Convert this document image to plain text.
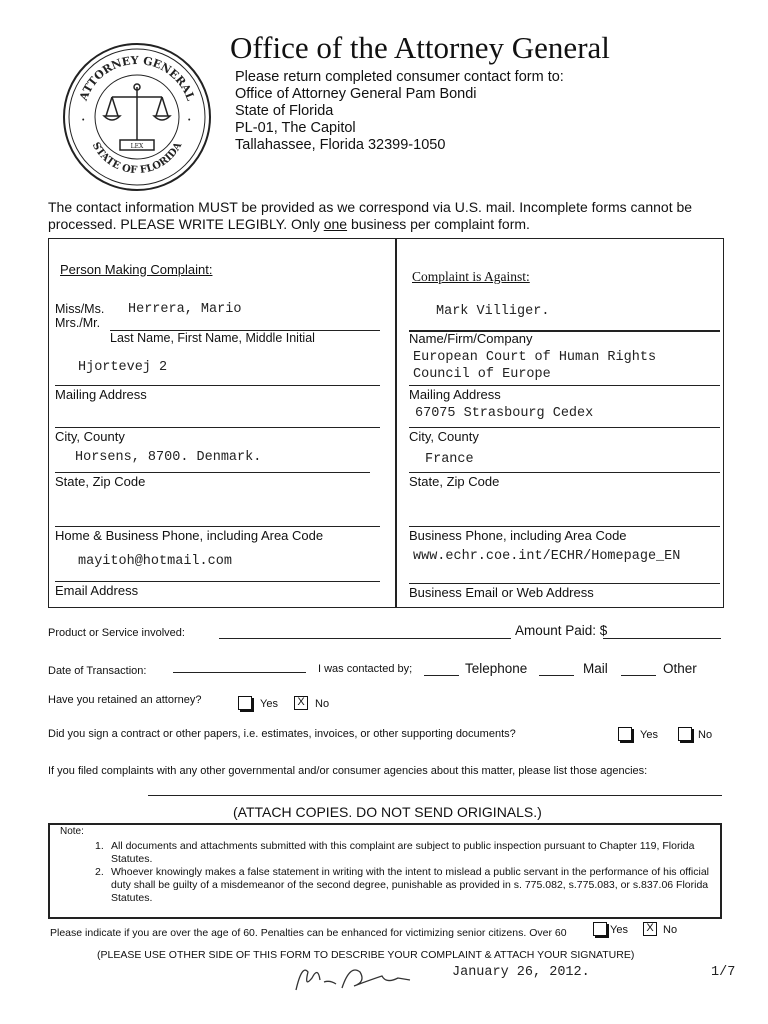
ATTORNEY GENERAL
STATE OF FLORIDA
LEX
•	•
Office of the Attorney General
Please return completed consumer contact form to:
Office of Attorney General Pam Bondi
State of Florida
PL-01, The Capitol
Tallahassee, Florida 32399-1050
The contact information MUST be provided as we correspond via U.S. mail. Incomplete forms cannot be processed. PLEASE WRITE LEGIBLY. Only one business per complaint form.
Person Making Complaint:
Miss/Ms.
Mrs./Mr.
Herrera, Mario
Last Name, First Name, Middle Initial
Hjortevej 2
Mailing Address
City, County
Horsens, 8700. Denmark.
State, Zip Code
Home & Business Phone, including Area Code
mayitoh@hotmail.com
Email Address
Complaint is Against:
Mark Villiger.
Name/Firm/Company
European Court of Human Rights
Council of Europe
Mailing Address
67075 Strasbourg Cedex
City, County
France
State, Zip Code
Business Phone, including Area Code
www.echr.coe.int/ECHR/Homepage_EN
Business Email or Web Address
Product or Service involved:	Amount Paid: $
Date of Transaction:	I was contacted by;	Telephone	Mail	Other
Have you retained an attorney?	Yes	X No
Did you sign a contract or other papers, i.e. estimates, invoices, or other supporting documents?	Yes	No
If you filed complaints with any other governmental and/or consumer agencies about this matter, please list those agencies:
(ATTACH COPIES. DO NOT SEND ORIGINALS.)
Note:
1. All documents and attachments submitted with this complaint are subject to public inspection pursuant to Chapter 119, Florida Statutes.
2. Whoever knowingly makes a false statement in writing with the intent to mislead a public servant in the performance of his official duty shall be guilty of a misdemeanor of the second degree, punishable as provided in s. 775.082, s.775.083, or s.837.06 Florida Statutes.
Please indicate if you are over the age of 60. Penalties can be enhanced for victimizing senior citizens. Over 60	Yes	X No
(PLEASE USE OTHER SIDE OF THIS FORM TO DESCRIBE YOUR COMPLAINT & ATTACH YOUR SIGNATURE)
January 26, 2012.	1/7
